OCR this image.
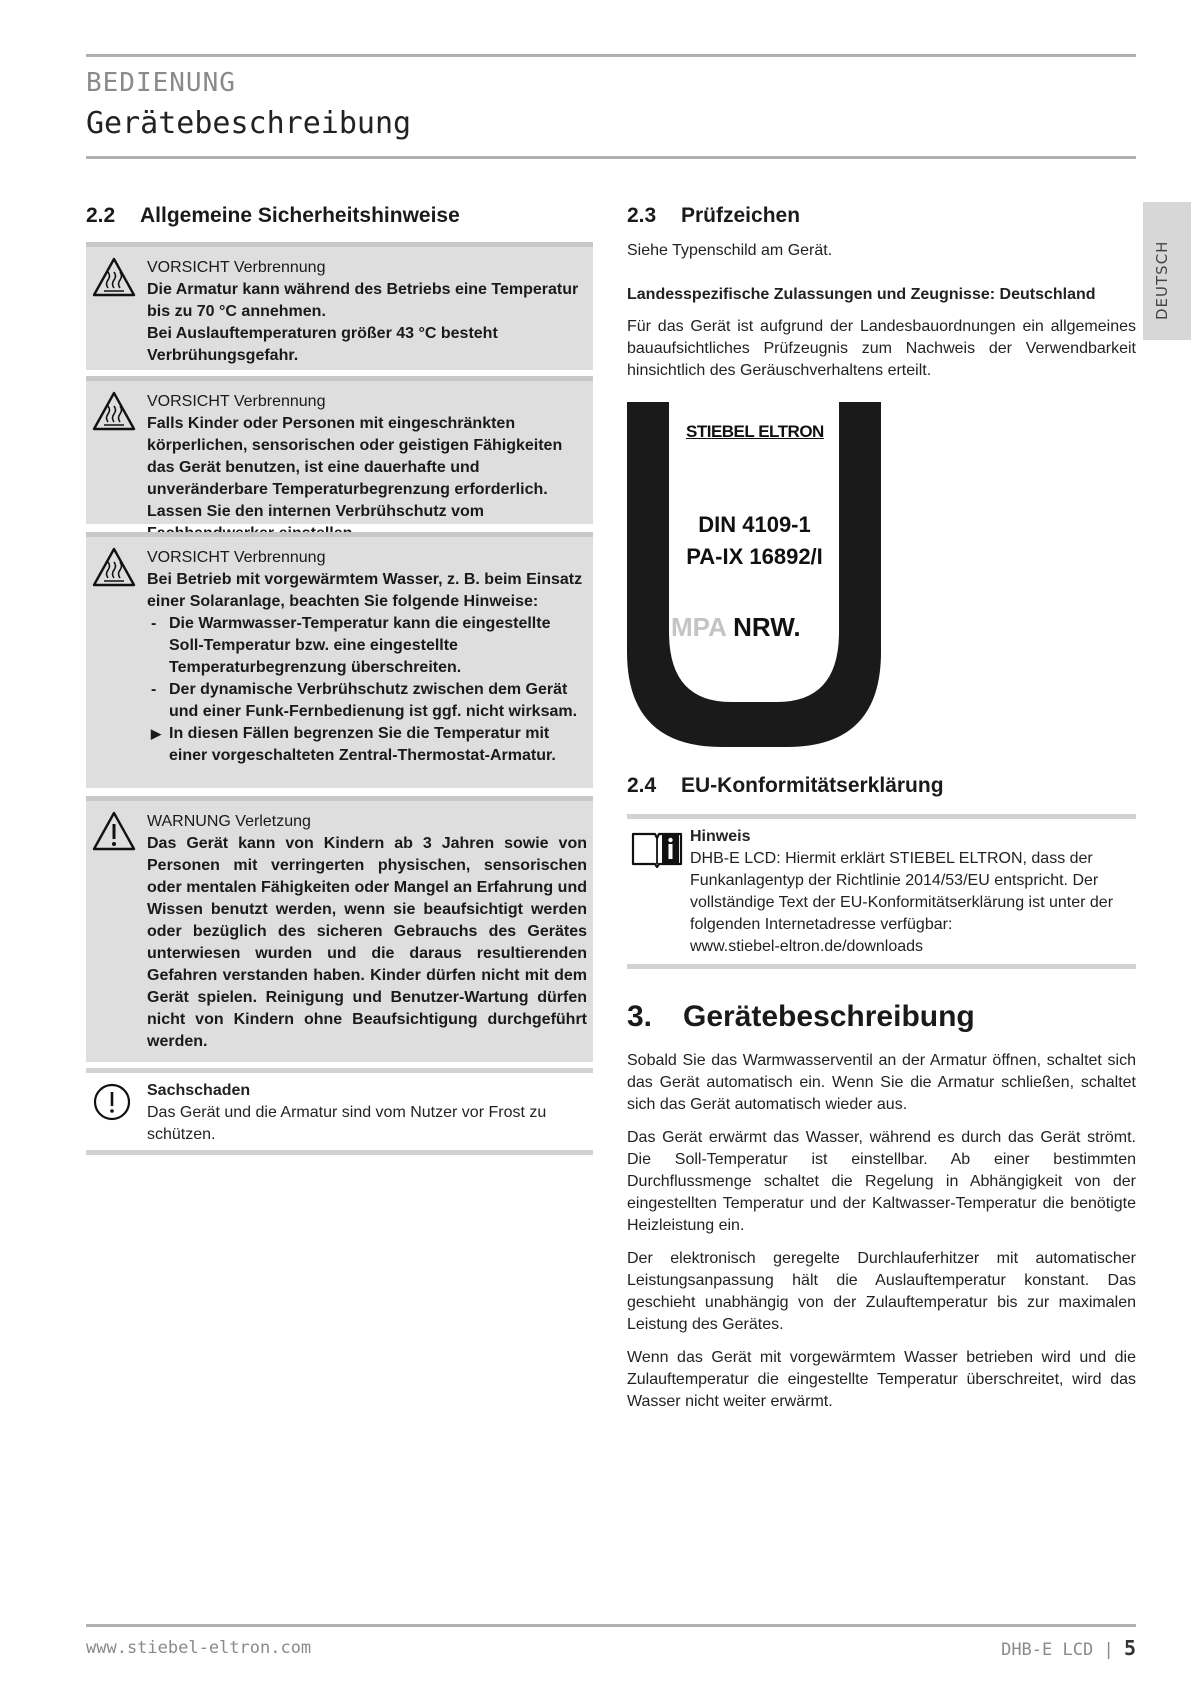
BEDIENUNG
Gerätebeschreibung
DEUTSCH
2.2 Allgemeine Sicherheitshinweise
VORSICHT Verbrennung
Die Armatur kann während des Betriebs eine Temperatur bis zu 70 °C annehmen.
Bei Auslauftemperaturen größer 43 °C besteht Verbrühungsgefahr.
VORSICHT Verbrennung
Falls Kinder oder Personen mit eingeschränkten körperlichen, sensorischen oder geistigen Fähigkeiten das Gerät benutzen, ist eine dauerhafte und unveränderbare Temperaturbegrenzung erforderlich. Lassen Sie den internen Verbrühschutz vom
VORSICHT Verbrennung
Bei Betrieb mit vorgewärmtem Wasser, z. B. beim Einsatz einer Solaranlage, beachten Sie folgende Hinweise:
- Die Warmwasser-Temperatur kann die eingestellte Soll-Temperatur bzw. eine eingestellte Temperaturbegrenzung überschreiten.
- Der dynamische Verbrühschutz zwischen dem Gerät und einer Funk-Fernbedienung ist ggf. nicht wirksam.
▶ In diesen Fällen begrenzen Sie die Temperatur mit einer vorgeschalteten Zentral-Thermostat-Armatur.
WARNUNG Verletzung
Das Gerät kann von Kindern ab 3 Jahren sowie von Personen mit verringerten physischen, sensorischen oder mentalen Fähigkeiten oder Mangel an Erfahrung und Wissen benutzt werden, wenn sie beaufsichtigt werden oder bezüglich des sicheren Gebrauchs des Gerätes unterwiesen wurden und die daraus resultierenden Gefahren verstanden haben. Kinder dürfen nicht mit dem Gerät spielen. Reinigung und Benutzer-Wartung dürfen nicht von Kindern ohne Beaufsichtigung durchgeführt werden.
Sachschaden
Das Gerät und die Armatur sind vom Nutzer vor Frost zu schützen.
2.3 Prüfzeichen
Siehe Typenschild am Gerät.
Landesspezifische Zulassungen und Zeugnisse: Deutschland
Für das Gerät ist aufgrund der Landesbauordnungen ein allgemeines bauaufsichtliches Prüfzeugnis zum Nachweis der Verwendbarkeit hinsichtlich des Geräuschverhaltens erteilt.
STIEBEL ELTRON
DIN 4109-1
PA-IX 16892/I
MPA NRW.
2.4 EU-Konformitätserklärung
Hinweis
DHB-E LCD: Hiermit erklärt STIEBEL ELTRON, dass der Funkanlagentyp der Richtlinie 2014/53/EU entspricht. Der vollständige Text der EU-Konformitätserklärung ist unter der folgenden Internetadresse verfügbar:
www.stiebel-eltron.de/downloads
3. Gerätebeschreibung

Sobald Sie das Warmwasserventil an der Armatur öffnen, schaltet sich das Gerät automatisch ein. Wenn Sie die Armatur schließen, schaltet sich das Gerät automatisch wieder aus.

Das Gerät erwärmt das Wasser, während es durch das Gerät strömt. Die Soll-Temperatur ist einstellbar. Ab einer bestimmten Durchflussmenge schaltet die Regelung in Abhängigkeit von der eingestellten Temperatur und der Kaltwasser-Temperatur die benötigte Heizleistung ein.

Der elektronisch geregelte Durchlauferhitzer mit automatischer Leistungsanpassung hält die Auslauftemperatur konstant. Das geschieht unabhängig von der Zulauftemperatur bis zur maximalen Leistung des Gerätes.

Wenn das Gerät mit vorgewärmtem Wasser betrieben wird und die Zulauftemperatur die eingestellte Temperatur überschreitet, wird das Wasser nicht weiter erwärmt.

www.stiebel-eltron.com	DHB-E LCD | 5
